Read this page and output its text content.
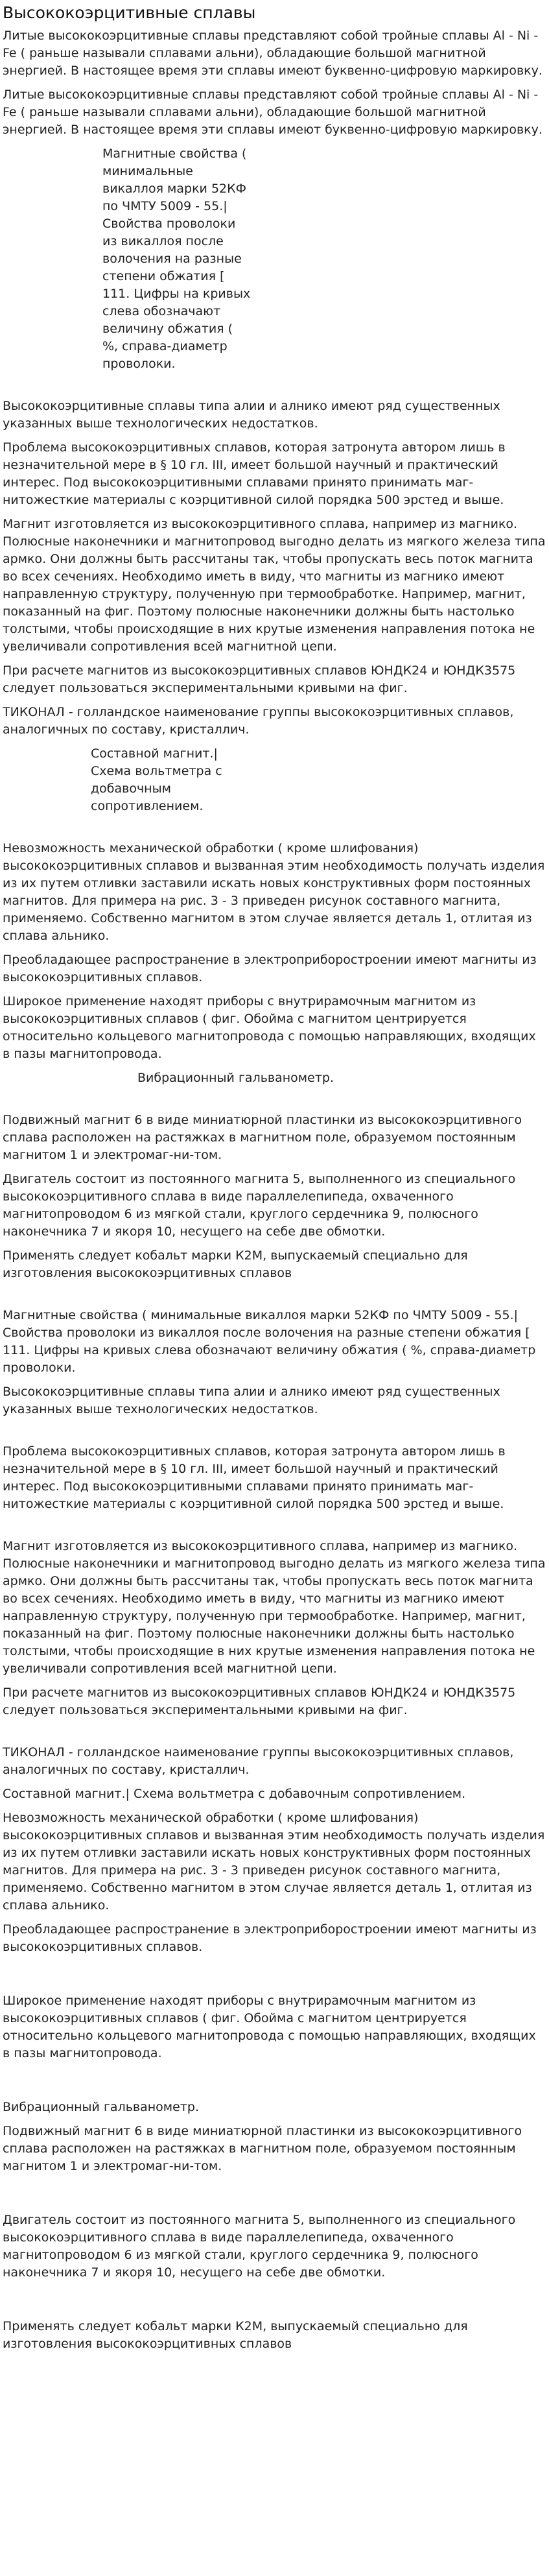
Высококоэрцитивные сплавы

Литые высококоэрцитивные сплавы представляют собой тройные сплавы Al - Ni - Fe ( раньше называли сплавами альни), обладающие большой магнитной энергией. В настоящее время эти сплавы имеют буквенно-цифровую маркировку.

Литые высококоэрцитивные сплавы представляют собой тройные сплавы Al - Ni - Fe ( раньше называли сплавами альни), обладающие большой магнитной энергией. В настоящее время эти сплавы имеют буквенно-цифровую маркировку.

Магнитные свойства ( минимальные викаллоя марки 52КФ по ЧМТУ 5009 - 55.| Свойства проволоки из викаллоя после волочения на разные степени обжатия [ 111. Цифры на кривых слева обозначают величину обжатия ( %, справа-диаметр проволоки.

Высококоэрцитивные сплавы типа алии и алнико имеют ряд существенных указанных выше технологических недостатков.

Проблема высококоэрцитивных сплавов, которая затронута автором лишь в незначительной мере в § 10 гл. III, имеет большой научный и практический интерес. Под высококоэрцитивными сплавами принято принимать маг-нитожесткие материалы с коэрцитивной силой порядка 500 эрстед и выше.

Магнит изготовляется из высококоэрцитивного сплава, например из магнико. Полюсные наконечники и магнитопровод выгодно делать из мягкого железа типа армко. Они должны быть рассчитаны так, чтобы пропускать весь поток магнита во всех сечениях. Необходимо иметь в виду, что магниты из магнико имеют направленную структуру, полученную при термообработке. Например, магнит, показанный на фиг. Поэтому полюсные наконечники должны быть настолько толстыми, чтобы происходящие в них крутые изменения направления потока не увеличивали сопротивления всей магнитной цепи.

При расчете магнитов из высококоэрцитивных сплавов ЮНДК24 и ЮНДК3575 следует пользоваться экспериментальными кривыми на фиг.

ТИКОНАЛ - голландское наименование группы высококоэрцитивных сплавов, аналогичных по составу, кристаллич.

Составной магнит.| Схема вольтметра с добавочным сопротивлением.

Невозможность механической обработки ( кроме шлифования) высококоэрцитивных сплавов и вызванная этим необходимость получать изделия из их путем отливки заставили искать новых конструктивных форм постоянных магнитов. Для примера на рис. 3 - 3 приведен рисунок составного магнита, применяемо. Собственно магнитом в этом случае является деталь 1, отлитая из сплава альнико.

Преобладающее распространение в электроприборостроении имеют магниты из высококоэрцитивных сплавов.

Широкое применение находят приборы с внутрирамочным магнитом из высококоэрцитивных сплавов ( фиг. Обойма с магнитом центрируется относительно кольцевого магнитопровода с помощью направляющих, входящих в пазы магнитопровода.

Вибрационный гальванометр.

Подвижный магнит 6 в виде миниатюрной пластинки из высококоэрцитивного сплава расположен на растяжках в магнитном поле, образуемом постоянным магнитом 1 и электромаг-ни-том.

Двигатель состоит из постоянного магнита 5, выполненного из специального высококоэрцитивного сплава в виде параллелепипеда, охваченного магнитопроводом 6 из мягкой стали, круглого сердечника 9, полюсного наконечника 7 и якоря 10, несущего на себе две обмотки.

Применять следует кобальт марки К2М, выпускаемый специально для изготовления высококоэрцитивных сплавов

Магнитные свойства ( минимальные викаллоя марки 52КФ по ЧМТУ 5009 - 55.| Свойства проволоки из викаллоя после волочения на разные степени обжатия [ 111. Цифры на кривых слева обозначают величину обжатия ( %, справа-диаметр проволоки.

Высококоэрцитивные сплавы типа алии и алнико имеют ряд существенных указанных выше технологических недостатков.

Проблема высококоэрцитивных сплавов, которая затронута автором лишь в незначительной мере в § 10 гл. III, имеет большой научный и практический интерес. Под высококоэрцитивными сплавами принято принимать маг-нитожесткие материалы с коэрцитивной силой порядка 500 эрстед и выше.

Магнит изготовляется из высококоэрцитивного сплава, например из магнико. Полюсные наконечники и магнитопровод выгодно делать из мягкого железа типа армко. Они должны быть рассчитаны так, чтобы пропускать весь поток магнита во всех сечениях. Необходимо иметь в виду, что магниты из магнико имеют направленную структуру, полученную при термообработке. Например, магнит, показанный на фиг. Поэтому полюсные наконечники должны быть настолько толстыми, чтобы происходящие в них крутые изменения направления потока не увеличивали сопротивления всей магнитной цепи.

При расчете магнитов из высококоэрцитивных сплавов ЮНДК24 и ЮНДК3575 следует пользоваться экспериментальными кривыми на фиг.

ТИКОНАЛ - голландское наименование группы высококоэрцитивных сплавов, аналогичных по составу, кристаллич.

Составной магнит.| Схема вольтметра с добавочным сопротивлением.

Невозможность механической обработки ( кроме шлифования) высококоэрцитивных сплавов и вызванная этим необходимость получать изделия из их путем отливки заставили искать новых конструктивных форм постоянных магнитов. Для примера на рис. 3 - 3 приведен рисунок составного магнита, применяемо. Собственно магнитом в этом случае является деталь 1, отлитая из сплава альнико.

Преобладающее распространение в электроприборостроении имеют магниты из высококоэрцитивных сплавов.

Широкое применение находят приборы с внутрирамочным магнитом из высококоэрцитивных сплавов ( фиг. Обойма с магнитом центрируется относительно кольцевого магнитопровода с помощью направляющих, входящих в пазы магнитопровода.

Вибрационный гальванометр.

Подвижный магнит 6 в виде миниатюрной пластинки из высококоэрцитивного сплава расположен на растяжках в магнитном поле, образуемом постоянным магнитом 1 и электромаг-ни-том.

Двигатель состоит из постоянного магнита 5, выполненного из специального высококоэрцитивного сплава в виде параллелепипеда, охваченного магнитопроводом 6 из мягкой стали, круглого сердечника 9, полюсного наконечника 7 и якоря 10, несущего на себе две обмотки.

Применять следует кобальт марки К2М, выпускаемый специально для изготовления высококоэрцитивных сплавов
